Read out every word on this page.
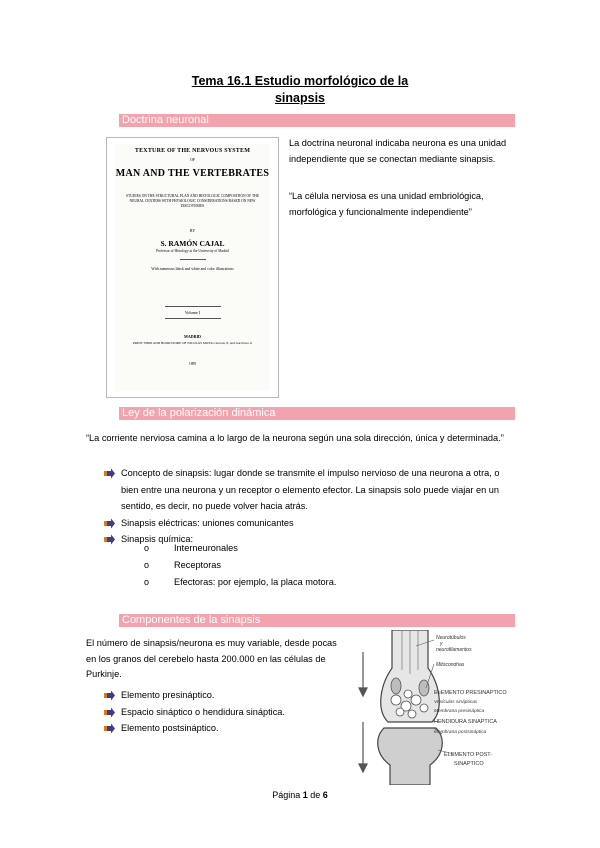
Tema 16.1 Estudio morfológico de la
sinapsis
Doctrina neuronal
TEXTURE OF THE NERVOUS SYSTEM
OF
MAN AND THE VERTEBRATES
STUDIES ON THE STRUCTURAL PLAN AND HISTOLOGIC COMPOSITION OF THE NEURAL CENTERS WITH PHYSIOLOGIC CONSIDERATIONS BASED ON NEW DISCOVERIES
BY
S. RAMÓN CAJAL
Professor of Histology at the University of Madrid
With numerous black and white and color illustrations
Volume I
MADRID
PRINT SHOP AND BOOKSTORE OF NICOLÁS MOYA Carretas, 8, and Garcilaso, 6
1899
La doctrina neuronal indicaba neurona es una unidad independiente que se conectan mediante sinapsis.
“La célula nerviosa es una unidad embriológica, morfológica y funcionalmente independiente”
Ley de la polarización dinámica
“La corriente nerviosa camina a lo largo de la neurona según una sola dirección, única y determinada.”
Concepto de sinapsis: lugar donde se transmite el impulso nervioso de una neurona a otra, o bien entre una neurona y un receptor o elemento efector. La sinapsis solo puede viajar en un sentido, es decir, no puede volver hacia atrás.
Sinapsis eléctricas: uniones comunicantes
Sinapsis química:
o	Interneuronales
o	Receptoras
o	Efectoras: por ejemplo, la placa motora.
Componentes de la sinapsis
El número de sinapsis/neurona es muy variable, desde pocas en los granos del cerebelo hasta 200.000 en las células de Purkinje.
Elemento presináptico.
Espacio sináptico o hendidura sináptica.
Elemento postsináptico.
Neurotúbulos
y
neurofilamentos
Mitocondrias
ELEMENTO PRESINAPTICO
Vesículas sinápticas
Membrana presináptica
HENDIDURA SINAPTICA
Membrana postsináptica
ELEMENTO POST-
SINAPTICO
Página 1 de 6
